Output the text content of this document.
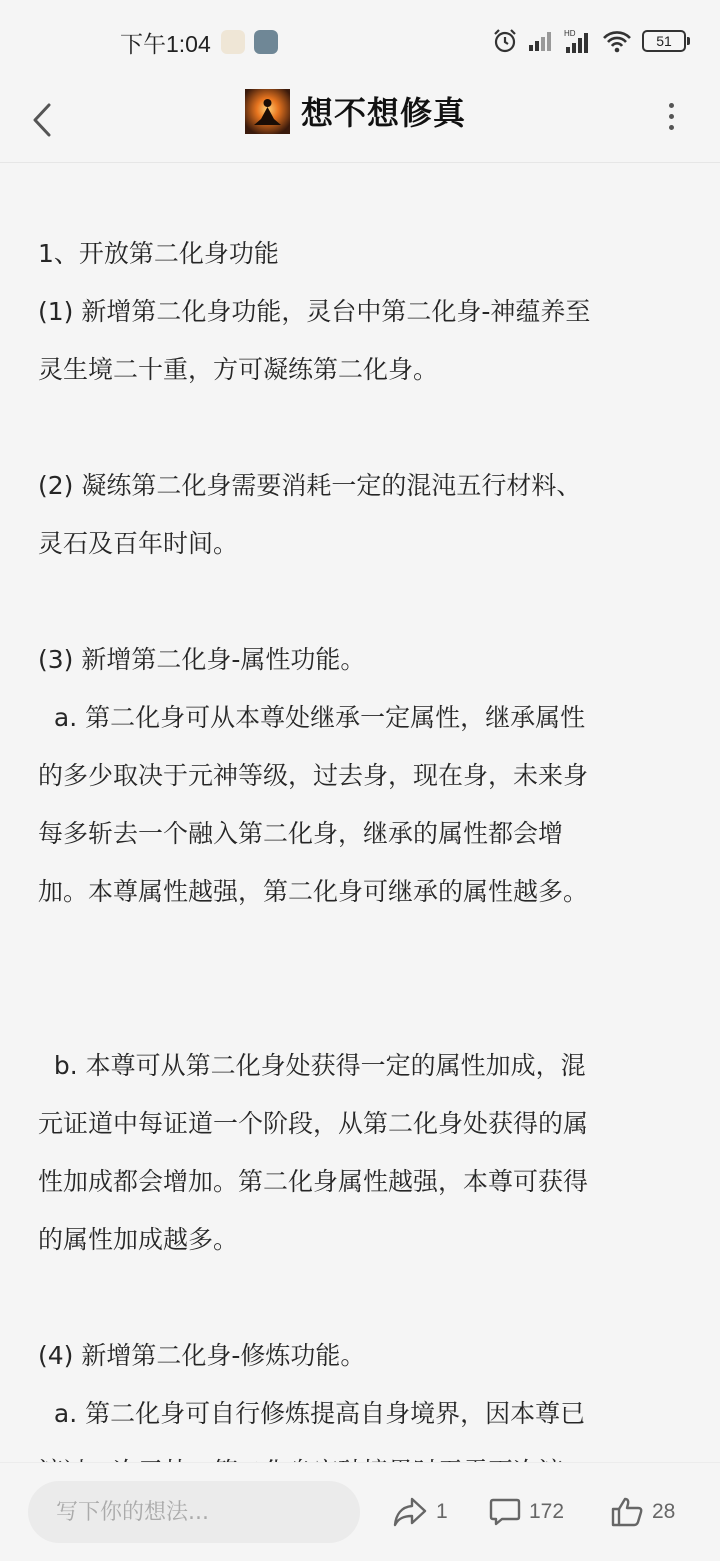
下午1:04	HD	51
想不想修真

1、开放第二化身功能

(1) 新增第二化身功能，灵台中第二化身-神蕴养至

灵生境二十重，方可凝练第二化身。

(2) 凝练第二化身需要消耗一定的混沌五行材料、

灵石及百年时间。

(3) 新增第二化身-属性功能。

a. 第二化身可从本尊处继承一定属性，继承属性

的多少取决于元神等级，过去身，现在身，未来身

每多斩去一个融入第二化身，继承的属性都会增

加。本尊属性越强，第二化身可继承的属性越多。

b. 本尊可从第二化身处获得一定的属性加成，混

元证道中每证道一个阶段，从第二化身处获得的属

性加成都会增加。第二化身属性越强，本尊可获得

的属性加成越多。

(4) 新增第二化身-修炼功能。

a. 第二化身可自行修炼提高自身境界，因本尊已

写下你的想法...
1	172	28
